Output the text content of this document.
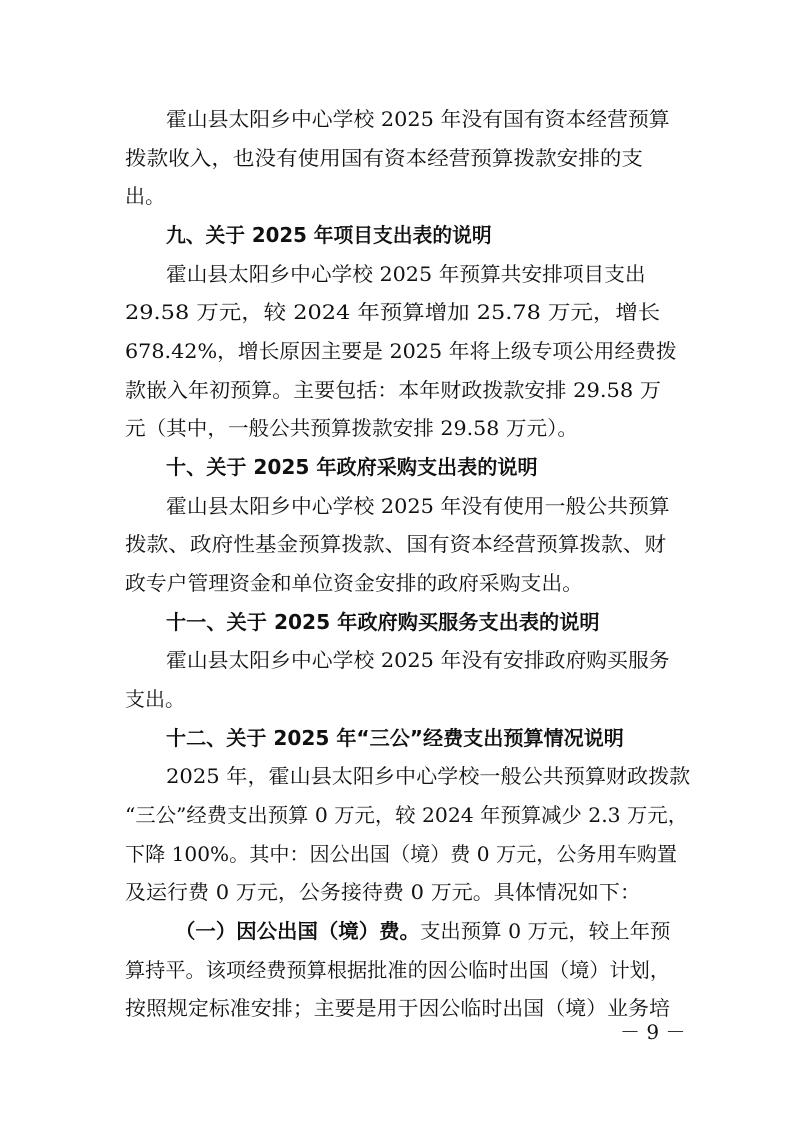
霍山县太阳乡中心学校 2025 年没有国有资本经营预算
拨款收入，也没有使用国有资本经营预算拨款安排的支
出。
九、关于 2025 年项目支出表的说明
霍山县太阳乡中心学校 2025 年预算共安排项目支出
29.58 万元，较 2024 年预算增加 25.78 万元，增长
678.42%，增长原因主要是 2025 年将上级专项公用经费拨
款嵌入年初预算。主要包括：本年财政拨款安排 29.58 万
元（其中，一般公共预算拨款安排 29.58 万元）。
十、关于 2025 年政府采购支出表的说明
霍山县太阳乡中心学校 2025 年没有使用一般公共预算
拨款、政府性基金预算拨款、国有资本经营预算拨款、财
政专户管理资金和单位资金安排的政府采购支出。
十一、关于 2025 年政府购买服务支出表的说明
霍山县太阳乡中心学校 2025 年没有安排政府购买服务
支出。
十二、关于 2025 年“三公”经费支出预算情况说明
2025 年，霍山县太阳乡中心学校一般公共预算财政拨款
“三公”经费支出预算 0 万元，较 2024 年预算减少 2.3 万元，
下降 100%。其中：因公出国（境）费 0 万元，公务用车购置
及运行费 0 万元，公务接待费 0 万元。具体情况如下：
（一）因公出国（境）费。支出预算 0 万元，较上年预
算持平。该项经费预算根据批准的因公临时出国（境）计划，
按照规定标准安排；主要是用于因公临时出国（境）业务培
－ 9 －
